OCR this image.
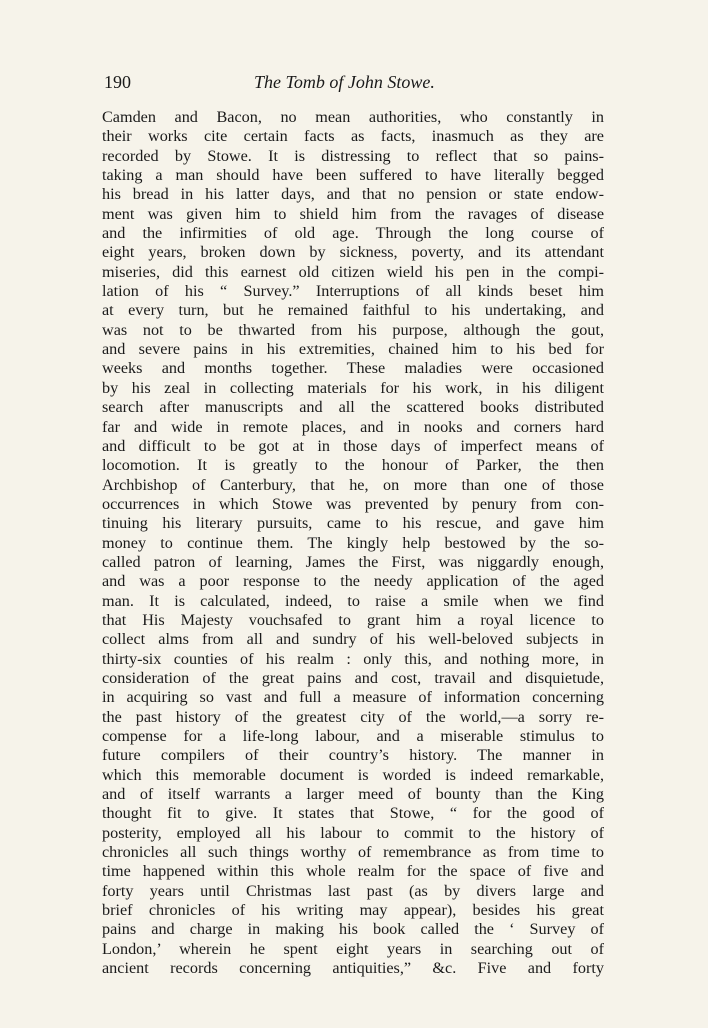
190	The Tomb of John Stowe.
Camden and Bacon, no mean authorities, who constantly in
their works cite certain facts as facts, inasmuch as they are
recorded by Stowe. It is distressing to reflect that so pains-
taking a man should have been suffered to have literally begged
his bread in his latter days, and that no pension or state endow-
ment was given him to shield him from the ravages of disease
and the infirmities of old age. Through the long course of
eight years, broken down by sickness, poverty, and its attendant
miseries, did this earnest old citizen wield his pen in the compi-
lation of his “ Survey.” Interruptions of all kinds beset him
at every turn, but he remained faithful to his undertaking, and
was not to be thwarted from his purpose, although the gout,
and severe pains in his extremities, chained him to his bed for
weeks and months together. These maladies were occasioned
by his zeal in collecting materials for his work, in his diligent
search after manuscripts and all the scattered books distributed
far and wide in remote places, and in nooks and corners hard
and difficult to be got at in those days of imperfect means of
locomotion. It is greatly to the honour of Parker, the then
Archbishop of Canterbury, that he, on more than one of those
occurrences in which Stowe was prevented by penury from con-
tinuing his literary pursuits, came to his rescue, and gave him
money to continue them. The kingly help bestowed by the so-
called patron of learning, James the First, was niggardly enough,
and was a poor response to the needy application of the aged
man. It is calculated, indeed, to raise a smile when we find
that His Majesty vouchsafed to grant him a royal licence to
collect alms from all and sundry of his well-beloved subjects in
thirty-six counties of his realm : only this, and nothing more, in
consideration of the great pains and cost, travail and disquietude,
in acquiring so vast and full a measure of information concerning
the past history of the greatest city of the world,—a sorry re-
compense for a life-long labour, and a miserable stimulus to
future compilers of their country’s history. The manner in
which this memorable document is worded is indeed remarkable,
and of itself warrants a larger meed of bounty than the King
thought fit to give. It states that Stowe, “ for the good of
posterity, employed all his labour to commit to the history of
chronicles all such things worthy of remembrance as from time to
time happened within this whole realm for the space of five and
forty years until Christmas last past (as by divers large and
brief chronicles of his writing may appear), besides his great
pains and charge in making his book called the ‘ Survey of
London,’ wherein he spent eight years in searching out of
ancient records concerning antiquities,” &c. Five and forty
